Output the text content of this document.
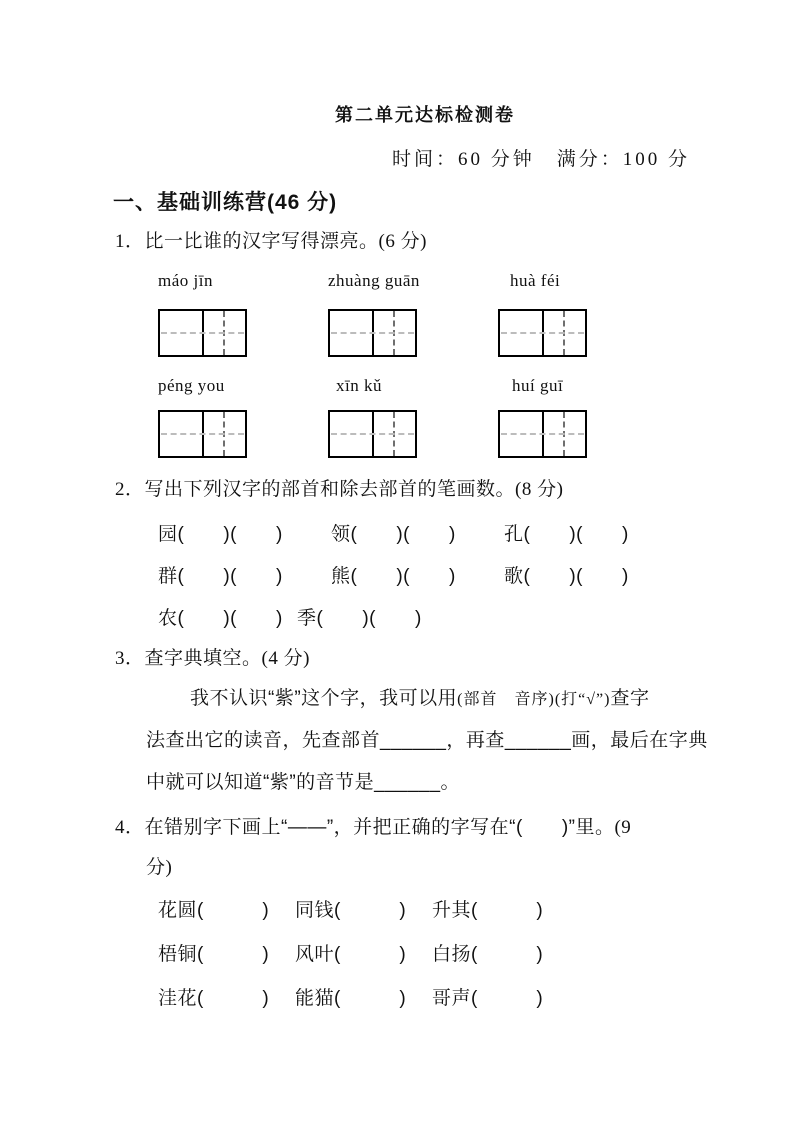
第二单元达标检测卷
时间：60 分钟　满分：100 分
一、基础训练营(46 分)
1．比一比谁的汉字写得漂亮。(6 分)
máo jīn	zhuàng guān	huà féi
péng you	xīn kǔ	huí guī
2．写出下列汉字的部首和除去部首的笔画数。(8 分)
园(　　)(　　)	领(　　)(　　)	孔(　　)(　　)
群(　　)(　　)	熊(　　)(　　)	歌(　　)(　　)
农(　　)(　　) 季(　　)(　　)
3．查字典填空。(4 分)
我不认识“紫”这个字，我可以用(部首　音序)(打“√”)查字
法查出它的读音，先查部首______，再查______画，最后在字典
中就可以知道“紫”的音节是______。
4．在错别字下画上“——”，并把正确的字写在“(　　)”里。(9
分)
花圆(　　　)	同钱(　　　)	升其(　　　)
梧铜(　　　)	风叶(　　　)	白扬(　　　)
洼花(　　　)	能猫(　　　)	哥声(　　　)
